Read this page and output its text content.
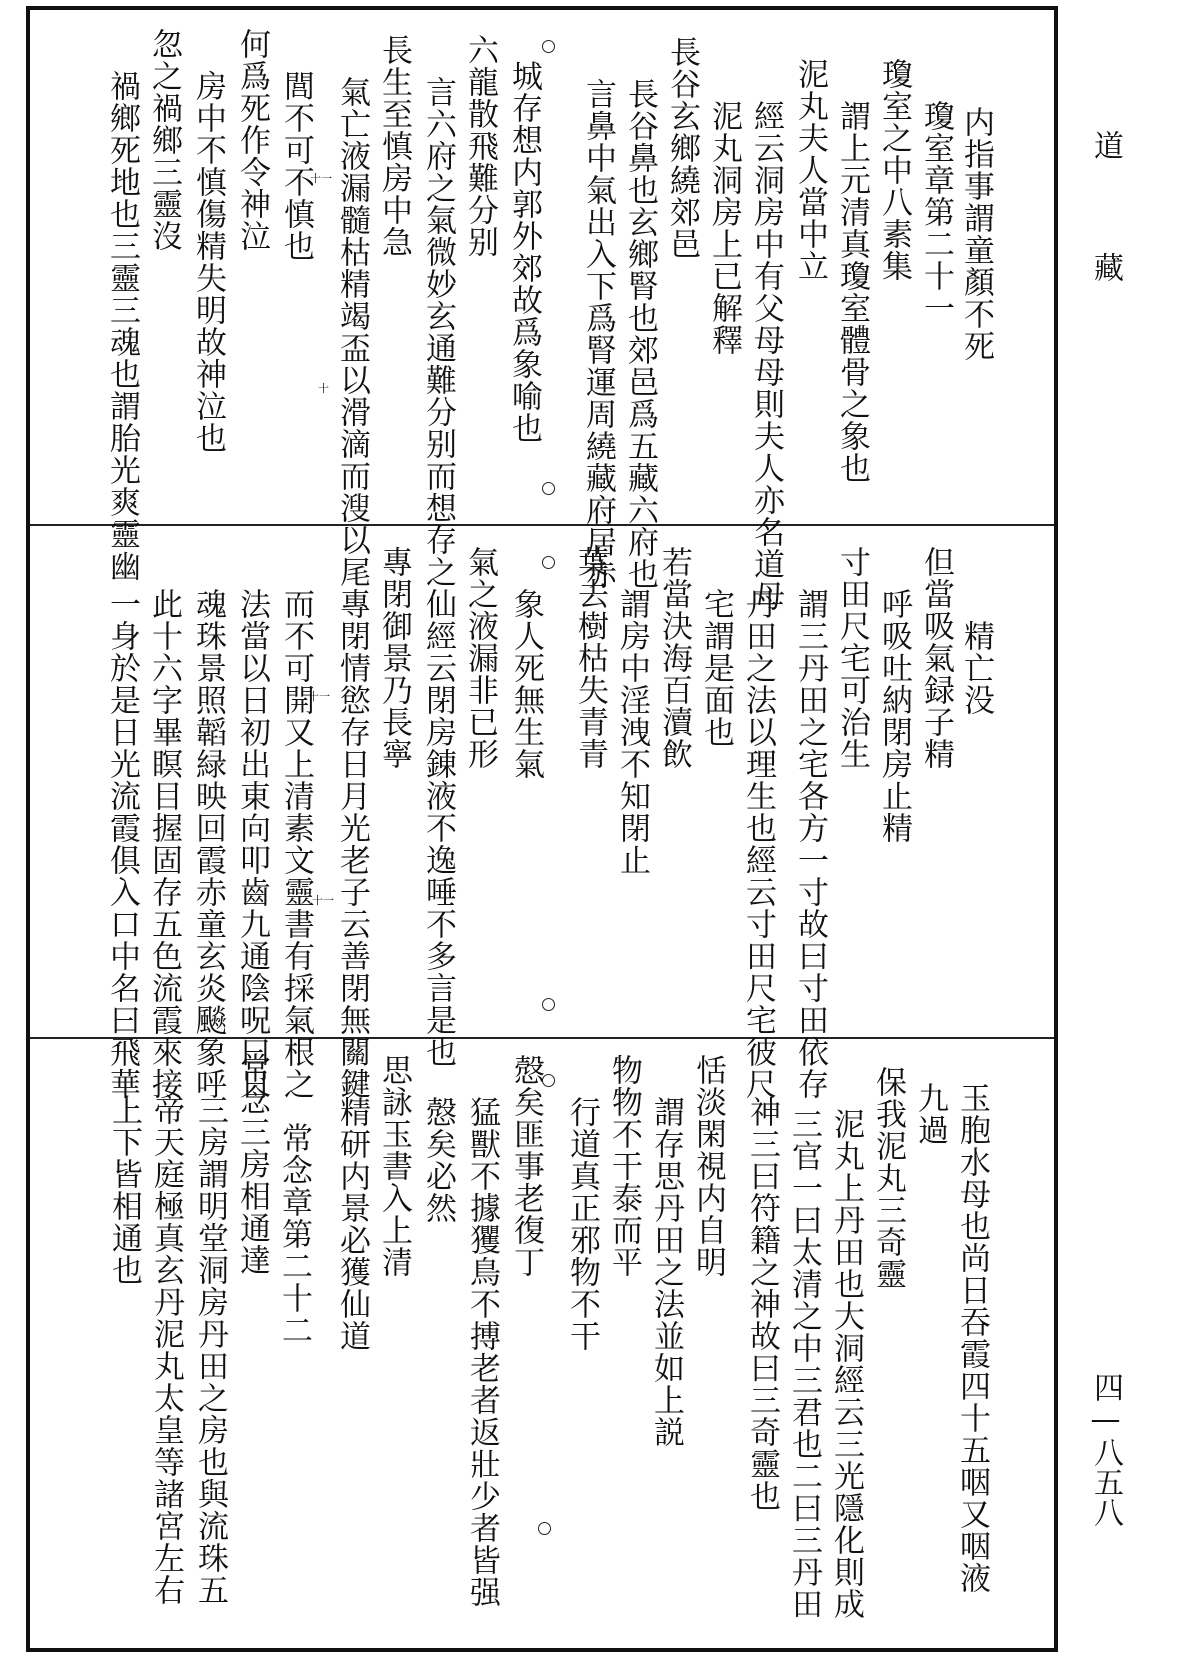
道
藏
四—八五八
内指事謂童顏不死
瓊室章第二十一
瓊室之中八素集
謂上元清真瓊室體骨之象也
泥丸夫人當中立
經云洞房中有父母母則夫人亦名道母
泥丸洞房上已解釋
長谷玄鄉繞郊邑
長谷鼻也玄鄉腎也郊邑爲五藏六府也
言鼻中氣出入下爲腎運周繞藏府居赤
城存想内郭外郊故爲象喻也
六龍散飛難分别
言六府之氣微妙玄通難分别而想存之
長生至慎房中急
氣亡液漏髓枯精竭盃以滑滴而溲以尾
閭不可不慎也
何爲死作令神泣
房中不慎傷精失明故神泣也
忽之禍鄉三靈沒
禍鄉死地也三靈三魂也謂胎光爽靈幽	十一
十
精亡没
但當吸氣録子精
呼吸吐納閉房止精
寸田尺宅可治生
謂三丹田之宅各方一寸故曰寸田依存
丹田之法以理生也經云寸田尺宅彼尺
宅謂是面也
若當決海百瀆飲
謂房中淫洩不知閉止
葉去樹枯失青青
象人死無生氣
氣之液漏非已形
仙經云閉房錬液不逸唾不多言是也
專閉御景乃長寧
專閉情慾存日月光老子云善閉無關鍵
而不可開又上清素文靈書有採氣根之
法當以日初出東向叩齒九通陰呪曰日
魂珠景照韜緑映回霞赤童玄炎飈象呼
此十六字畢瞑目握固存五色流霞來接
一身於是日光流霞俱入口中名曰飛華	十一
十一
玉胞水母也尚日吞霞四十五咽又咽液
九過
保我泥丸三奇靈
泥丸上丹田也大洞經云三光隱化則成
三官一曰太清之中三君也二曰三丹田
神三曰符籍之神故曰三奇靈也
恬淡閑視内自明
謂存思丹田之法並如上説
物物不干泰而平
行道真正邪物不干
慤矣匪事老復丁
猛獸不據玃鳥不搏老者返壯少者皆强
慤矣必然
思詠玉書入上清
精研内景必獲仙道
常念章第二十二
常念三房相通達
三房謂明堂洞房丹田之房也與流珠五
帝天庭極真玄丹泥丸太皇等諸宮左右
上下皆相通也
